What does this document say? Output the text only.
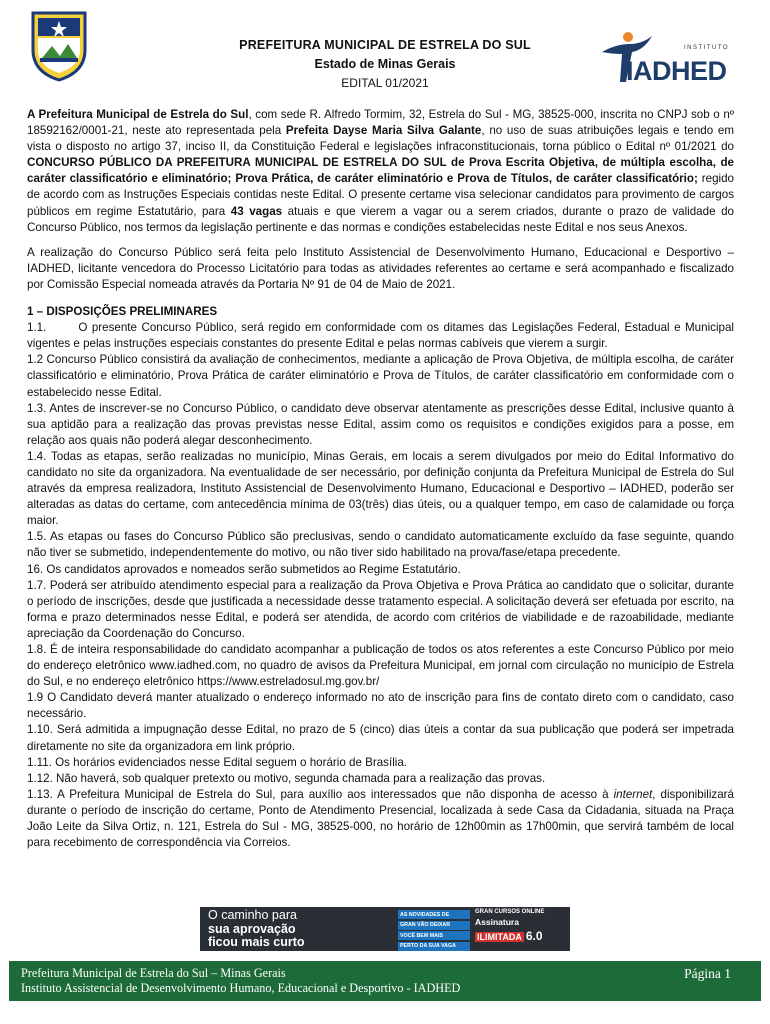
PREFEITURA MUNICIPAL DE ESTRELA DO SUL
Estado de Minas Gerais
EDITAL 01/2021
INSTITUTO
IADHED

A Prefeitura Municipal de Estrela do Sul, com sede R. Alfredo Tormim, 32, Estrela do Sul - MG, 38525-000, inscrita no CNPJ sob o nº 18592162/0001-21, neste ato representada pela Prefeita Dayse Maria Silva Galante, no uso de suas atribuições legais e tendo em vista o disposto no artigo 37, inciso II, da Constituição Federal e legislações infraconstitucionais, torna público o Edital nº 01/2021 do CONCURSO PÚBLICO DA PREFEITURA MUNICIPAL DE ESTRELA DO SUL de Prova Escrita Objetiva, de múltipla escolha, de caráter classificatório e eliminatório; Prova Prática, de caráter eliminatório e Prova de Títulos, de caráter classificatório; regido de acordo com as Instruções Especiais contidas neste Edital. O presente certame visa selecionar candidatos para provimento de cargos públicos em regime Estatutário, para 43 vagas atuais e que vierem a vagar ou a serem criados, durante o prazo de validade do Concurso Público, nos termos da legislação pertinente e das normas e condições estabelecidas neste Edital e nos seus Anexos.

A realização do Concurso Público será feita pelo Instituto Assistencial de Desenvolvimento Humano, Educacional e Desportivo – IADHED, licitante vencedora do Processo Licitatório para todas as atividades referentes ao certame e será acompanhado e fiscalizado por Comissão Especial nomeada através da Portaria Nº 91 de 04 de Maio de 2021.

1 – DISPOSIÇÕES PRELIMINARES

1.1.	O presente Concurso Público, será regido em conformidade com os ditames das Legislações Federal, Estadual e Municipal vigentes e pelas instruções especiais constantes do presente Edital e pelas normas cabíveis que vierem a surgir.

1.2 Concurso Público consistirá da avaliação de conhecimentos, mediante a aplicação de Prova Objetiva, de múltipla escolha, de caráter classificatório e eliminatório, Prova Prática de caráter eliminatório e Prova de Títulos, de caráter classificatório em conformidade com o estabelecido nesse Edital.

1.3. Antes de inscrever-se no Concurso Público, o candidato deve observar atentamente as prescrições desse Edital, inclusive quanto à sua aptidão para a realização das provas previstas nesse Edital, assim como os requisitos e condições exigidos para a posse, em relação aos quais não poderá alegar desconhecimento.

1.4. Todas as etapas, serão realizadas no município, Minas Gerais, em locais a serem divulgados por meio do Edital Informativo do candidato no site da organizadora. Na eventualidade de ser necessário, por definição conjunta da Prefeitura Municipal de Estrela do Sul através da empresa realizadora, Instituto Assistencial de Desenvolvimento Humano, Educacional e Desportivo – IADHED, poderão ser alteradas as datas do certame, com antecedência mínima de 03(três) dias úteis, ou a qualquer tempo, em caso de calamidade ou força maior.

1.5. As etapas ou fases do Concurso Público são preclusivas, sendo o candidato automaticamente excluído da fase seguinte, quando não tiver se submetido, independentemente do motivo, ou não tiver sido habilitado na prova/fase/etapa precedente.

16. Os candidatos aprovados e nomeados serão submetidos ao Regime Estatutário.

1.7. Poderá ser atribuído atendimento especial para a realização da Prova Objetiva e Prova Prática ao candidato que o solicitar, durante o período de inscrições, desde que justificada a necessidade desse tratamento especial. A solicitação deverá ser efetuada por escrito, na forma e prazo determinados nesse Edital, e poderá ser atendida, de acordo com critérios de viabilidade e de razoabilidade, mediante apreciação da Coordenação do Concurso.

1.8. É de inteira responsabilidade do candidato acompanhar a publicação de todos os atos referentes a este Concurso Público por meio do endereço eletrônico www.iadhed.com, no quadro de avisos da Prefeitura Municipal, em jornal com circulação no município de Estrela do Sul, e no endereço eletrônico https://www.estreladosul.mg.gov.br/

1.9 O Candidato deverá manter atualizado o endereço informado no ato de inscrição para fins de contato direto com o candidato, caso necessário.

1.10. Será admitida a impugnação desse Edital, no prazo de 5 (cinco) dias úteis a contar da sua publicação que poderá ser impetrada diretamente no site da organizadora em link próprio.

1.11. Os horários evidenciados nesse Edital seguem o horário de Brasília.

1.12. Não haverá, sob qualquer pretexto ou motivo, segunda chamada para a realização das provas.

1.13. A Prefeitura Municipal de Estrela do Sul, para auxílio aos interessados que não disponha de acesso à internet, disponibilizará durante o período de inscrição do certame, Ponto de Atendimento Presencial, localizada à sede Casa da Cidadania, situada na Praça João Leite da Silva Ortiz, n. 121, Estrela do Sul - MG, 38525-000, no horário de 12h00min as 17h00min, que servirá também de local para recebimento de correspondência via Correios.

O caminho para
sua aprovação
ficou mais curto
AS NOVIDADES DE
GRAN VÃO DEIXAR
VOCÊ BEM MAIS
PERTO DA SUA VAGA
GRAN CURSOS ONLINE
Assinatura
ILIMITADA 6.0
Prefeitura Municipal de Estrela do Sul – Minas Gerais
Instituto Assistencial de Desenvolvimento Humano, Educacional e Desportivo - IADHED
Página 1
